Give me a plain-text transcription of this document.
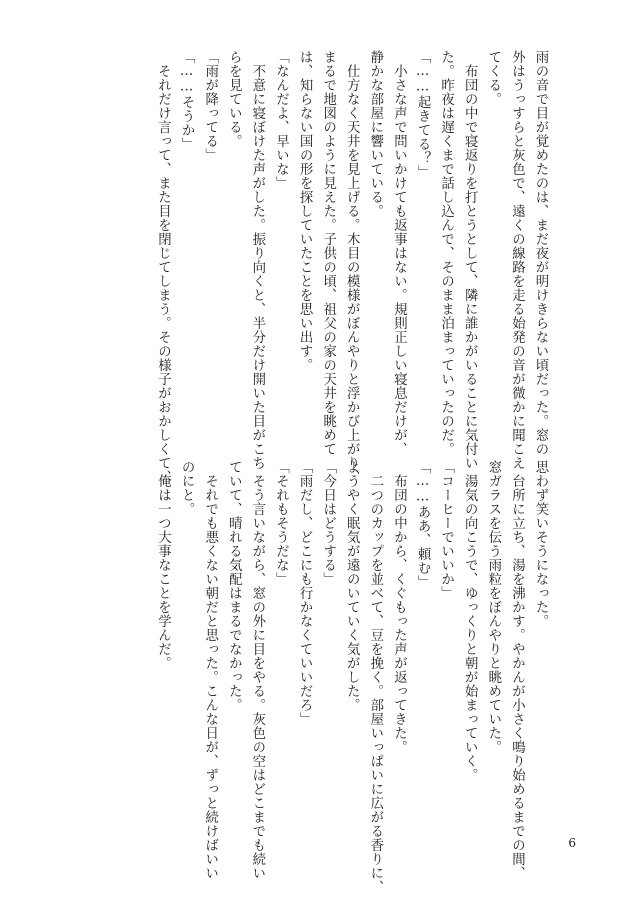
雨の音で目が覚めたのは、まだ夜が明けきらない頃だった。窓の
外はうっすらと灰色で、遠くの線路を走る始発の音が微かに聞こえ
てくる。
　布団の中で寝返りを打とうとして、隣に誰かがいることに気付い
た。昨夜は遅くまで話し込んで、そのまま泊まっていったのだ。
「……起きてる？」
　小さな声で問いかけても返事はない。規則正しい寝息だけが、
静かな部屋に響いている。
　仕方なく天井を見上げる。木目の模様がぼんやりと浮かび上がり、
まるで地図のように見えた。子供の頃、祖父の家の天井を眺めて
は、知らない国の形を探していたことを思い出す。
「なんだよ、早いな」
　不意に寝ぼけた声がした。振り向くと、半分だけ開いた目がこち
らを見ている。
「雨が降ってる」
「……そうか」
　それだけ言って、また目を閉じてしまう。その様子がおかしくて、
思わず笑いそうになった。
　台所に立ち、湯を沸かす。やかんが小さく鳴り始めるまでの間、
窓ガラスを伝う雨粒をぼんやりと眺めていた。
　湯気の向こうで、ゆっくりと朝が始まっていく。
「コーヒーでいいか」
「……ああ、頼む」
　布団の中から、くぐもった声が返ってきた。
　二つのカップを並べて、豆を挽く。部屋いっぱいに広がる香りに、
ようやく眠気が遠のいていく気がした。
「今日はどうする」
「雨だし、どこにも行かなくていいだろ」
「それもそうだな」
　そう言いながら、窓の外に目をやる。灰色の空はどこまでも続い
ていて、晴れる気配はまるでなかった。
　それでも悪くない朝だと思った。こんな日が、ずっと続けばいい
のにと。
　俺は一つ大事なことを学んだ。
6
